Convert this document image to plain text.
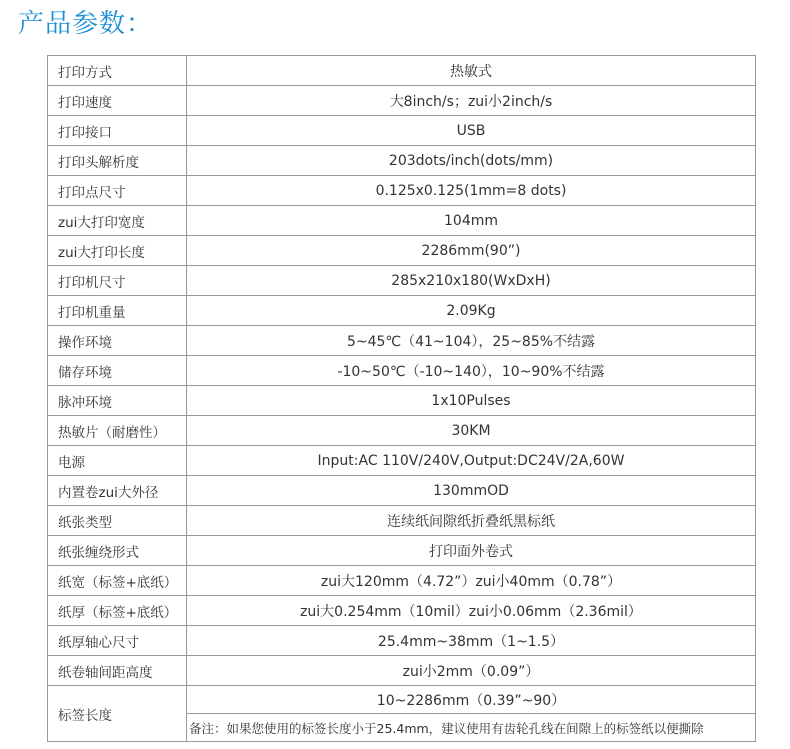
产品参数：
打印方式	热敏式
打印速度	大8inch/s；zui小2inch/s
打印接口	USB
打印头解析度	203dots/inch(dots/mm)
打印点尺寸	0.125x0.125(1mm=8 dots)
zui大打印宽度	104mm
zui大打印长度	2286mm(90”)
打印机尺寸	285x210x180(WxDxH)
打印机重量	2.09Kg
操作环境	5~45℃（41~104），25~85%不结露
储存环境	-10~50℃（-10~140），10~90%不结露
脉冲环境	1x10Pulses
热敏片（耐磨性）	30KM
电源	Input:AC 110V/240V,Output:DC24V/2A,60W
内置卷zui大外径	130mmOD
纸张类型	连续纸间隙纸折叠纸黑标纸
纸张缠绕形式	打印面外卷式
纸宽（标签+底纸）	zui大120mm（4.72”）zui小40mm（0.78”）
纸厚（标签+底纸）	zui大0.254mm（10mil）zui小0.06mm（2.36mil）
纸厚轴心尺寸	25.4mm~38mm（1~1.5）
纸卷轴间距高度	zui小2mm（0.09”）
标签长度	10~2286mm（0.39”~90）
	备注：如果您使用的标签长度小于25.4mm，建议使用有齿轮孔线在间隙上的标签纸以便撕除
